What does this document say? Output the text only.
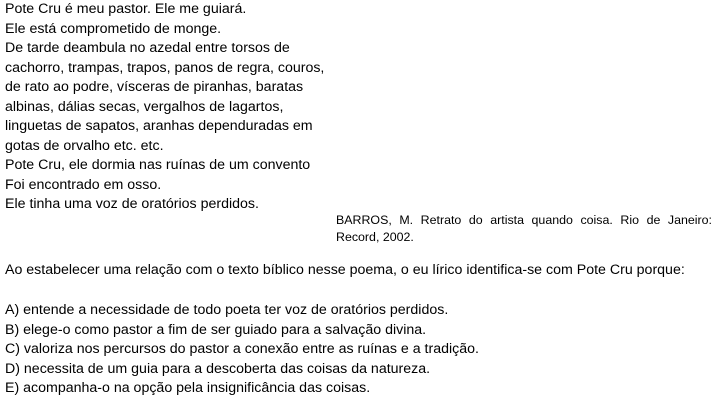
Pote Cru é meu pastor. Ele me guiará.
Ele está comprometido de monge.
De tarde deambula no azedal entre torsos de
cachorro, trampas, trapos, panos de regra, couros,
de rato ao podre, vísceras de piranhas, baratas
albinas, dálias secas, vergalhos de lagartos,
linguetas de sapatos, aranhas dependuradas em
gotas de orvalho etc. etc.
Pote Cru, ele dormia nas ruínas de um convento
Foi encontrado em osso.
Ele tinha uma voz de oratórios perdidos.
BARROS, M. Retrato do artista quando coisa. Rio de Janeiro: Record, 2002.
Ao estabelecer uma relação com o texto bíblico nesse poema, o eu lírico identifica-se com Pote Cru porque:
A) entende a necessidade de todo poeta ter voz de oratórios perdidos.
B) elege-o como pastor a fim de ser guiado para a salvação divina.
C) valoriza nos percursos do pastor a conexão entre as ruínas e a tradição.
D) necessita de um guia para a descoberta das coisas da natureza.
E) acompanha-o na opção pela insignificância das coisas.
